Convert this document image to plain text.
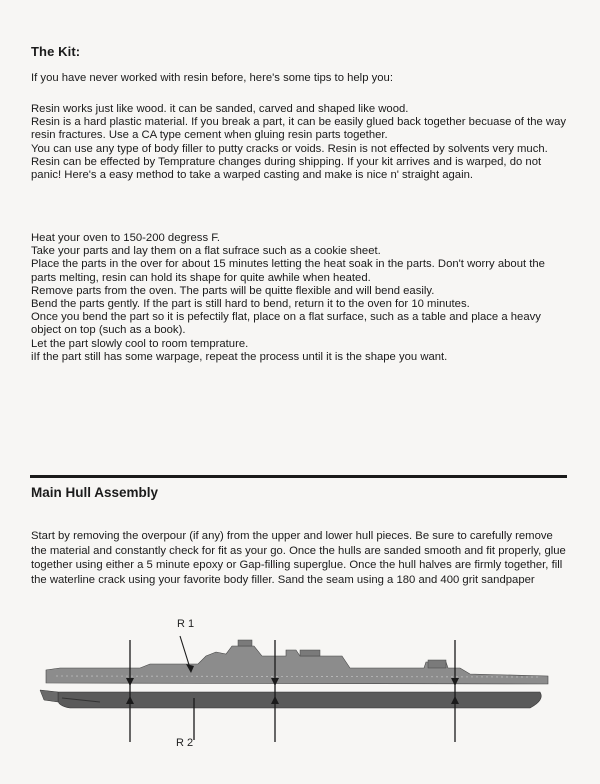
The Kit:
If you have never worked with resin before, here's some tips to help you:

Resin works just like wood. it can be sanded, carved and shaped like wood.

Resin is a hard plastic material. If you break a part, it can be easily glued back together becuase of the way resin fractures. Use a CA type cement when gluing resin parts together.

You can use any type of body filler to putty cracks or voids. Resin is not effected by solvents very much.

Resin can be effected by Temprature changes during shipping. If your kit arrives and is warped, do not panic! Here's a easy method to take a warped casting and make is nice n' straight again.

Heat your oven to 150-200 degress F.

Take your parts and lay them on a flat sufrace such as a cookie sheet.

Place the parts in the over for about 15 minutes letting the heat soak in the parts. Don't worry about the parts melting, resin can hold its shape for quite awhile when heated.

Remove parts from the oven. The parts will be quitte flexible and will bend easily.

Bend the parts gently. If the part is still hard to bend, return it to the oven for 10 minutes.

Once you bend the part so it is pefectily flat, place on a flat surface, such as a table and place a heavy object on top (such as a book).

Let the part slowly cool to room temprature.

iIf the part still has some warpage, repeat the process until it is the shape you want.

Main Hull Assembly
Start by removing the overpour (if any) from the upper and lower hull pieces. Be sure to carefully remove the material and constantly check for fit as your go. Once the hulls are sanded smooth and fit properly, glue together using either a 5 minute epoxy or Gap-filling superglue. Once the hull halves are firmly together, fill the waterline crack using your favorite body filler. Sand the seam using a 180 and 400 grit sandpaper
R 1
R 2
